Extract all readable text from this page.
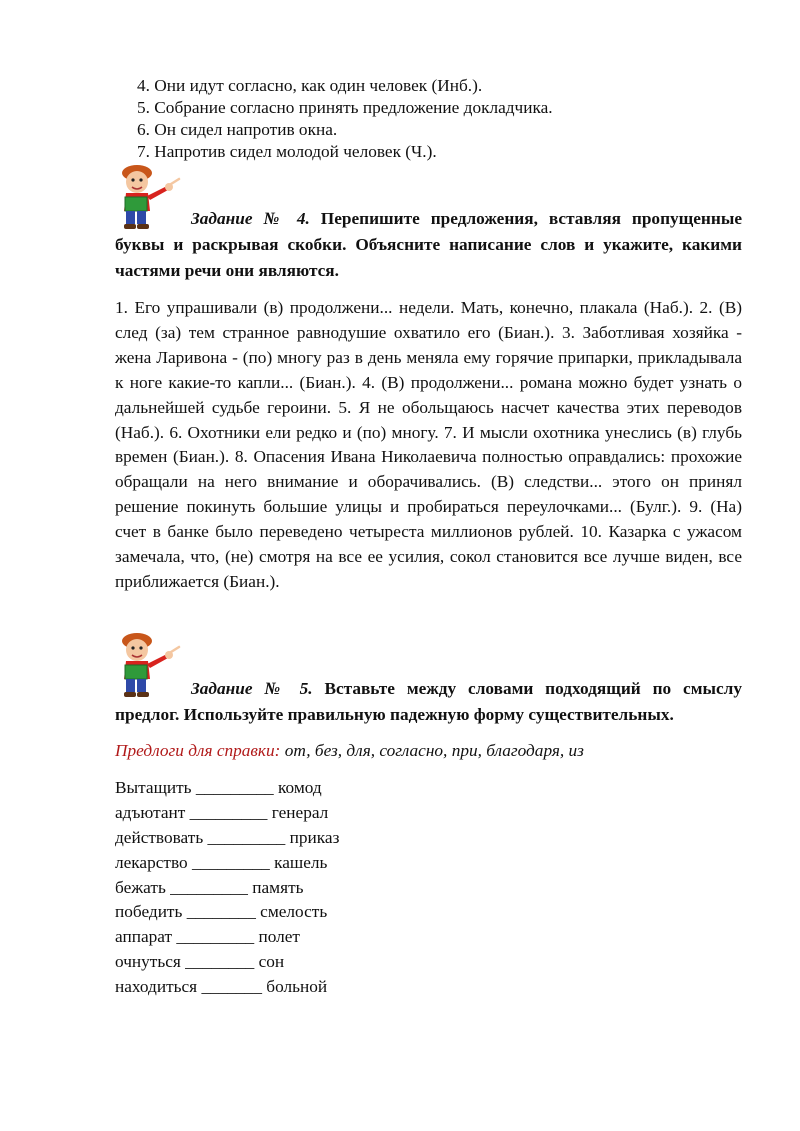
4. Они идут согласно, как один человек (Инб.).
5. Собрание согласно принять предложение докладчика.
6. Он сидел напротив окна.
7. Напротив сидел молодой человек (Ч.).
Задание № 4. Перепишите предложения, вставляя пропущенные буквы и раскрывая скобки. Объясните написание слов и укажите, какими частями речи они являются.
1. Его упрашивали (в) продолжени... недели. Мать, конечно, плакала (Наб.). 2. (В) след (за) тем странное равнодушие охватило его (Биан.). 3. Заботливая хозяйка - жена Ларивона - (по) многу раз в день меняла ему горячие припарки, прикладывала к ноге какие-то капли... (Биан.). 4. (В) продолжени... романа можно будет узнать о дальнейшей судьбе героини. 5. Я не обольщаюсь насчет качества этих переводов (Наб.). 6. Охотники ели редко и (по) многу. 7. И мысли охотника унеслись (в) глубь времен (Биан.). 8. Опасения Ивана Николаевича полностью оправдались: прохожие обращали на него внимание и оборачивались. (В) следстви... этого он принял решение покинуть большие улицы и пробираться переулочками... (Булг.). 9. (На) счет в банке было переведено четыреста миллионов рублей. 10. Казарка с ужасом замечала, что, (не) смотря на все ее усилия, сокол становится все лучше виден, все приближается (Биан.).
Задание № 5. Вставьте между словами подходящий по смыслу предлог. Используйте правильную падежную форму существительных.
Предлоги для справки: от, без, для, согласно, при, благодаря, из
Вытащить _________ комод
адъютант _________ генерал
действовать _________ приказ
лекарство _________ кашель
бежать _________ память
победить ________ смелость
аппарат _________ полет
очнуться ________ сон
находиться _______ больной
